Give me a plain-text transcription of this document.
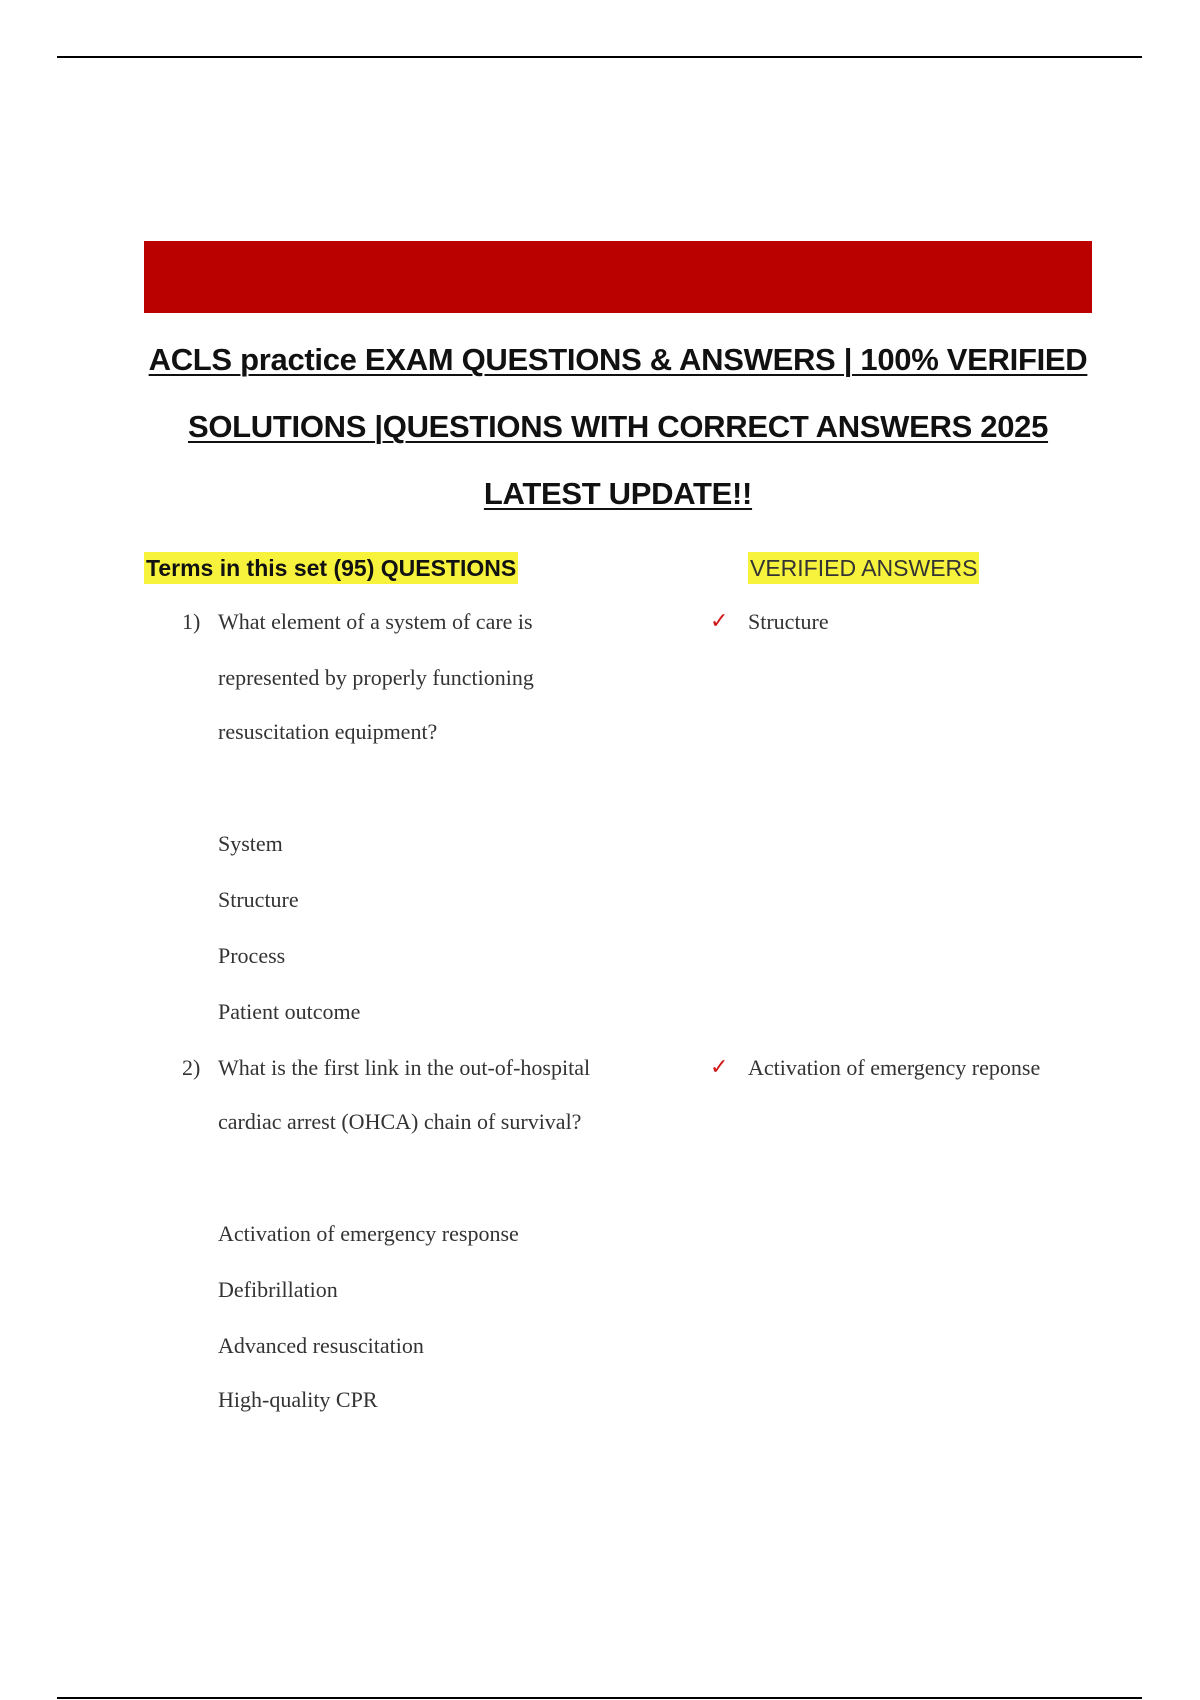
ACLS practice EXAM QUESTIONS & ANSWERS | 100% VERIFIED
SOLUTIONS |QUESTIONS WITH CORRECT ANSWERS 2025
LATEST UPDATE!!
Terms in this set (95) QUESTIONS	VERIFIED ANSWERS
1) What element of a system of care is
represented by properly functioning
resuscitation equipment?
System
Structure
Process
Patient outcome
✓ Structure
2) What is the first link in the out-of-hospital
cardiac arrest (OHCA) chain of survival?
Activation of emergency response
Defibrillation
Advanced resuscitation
High-quality CPR
✓ Activation of emergency reponse
